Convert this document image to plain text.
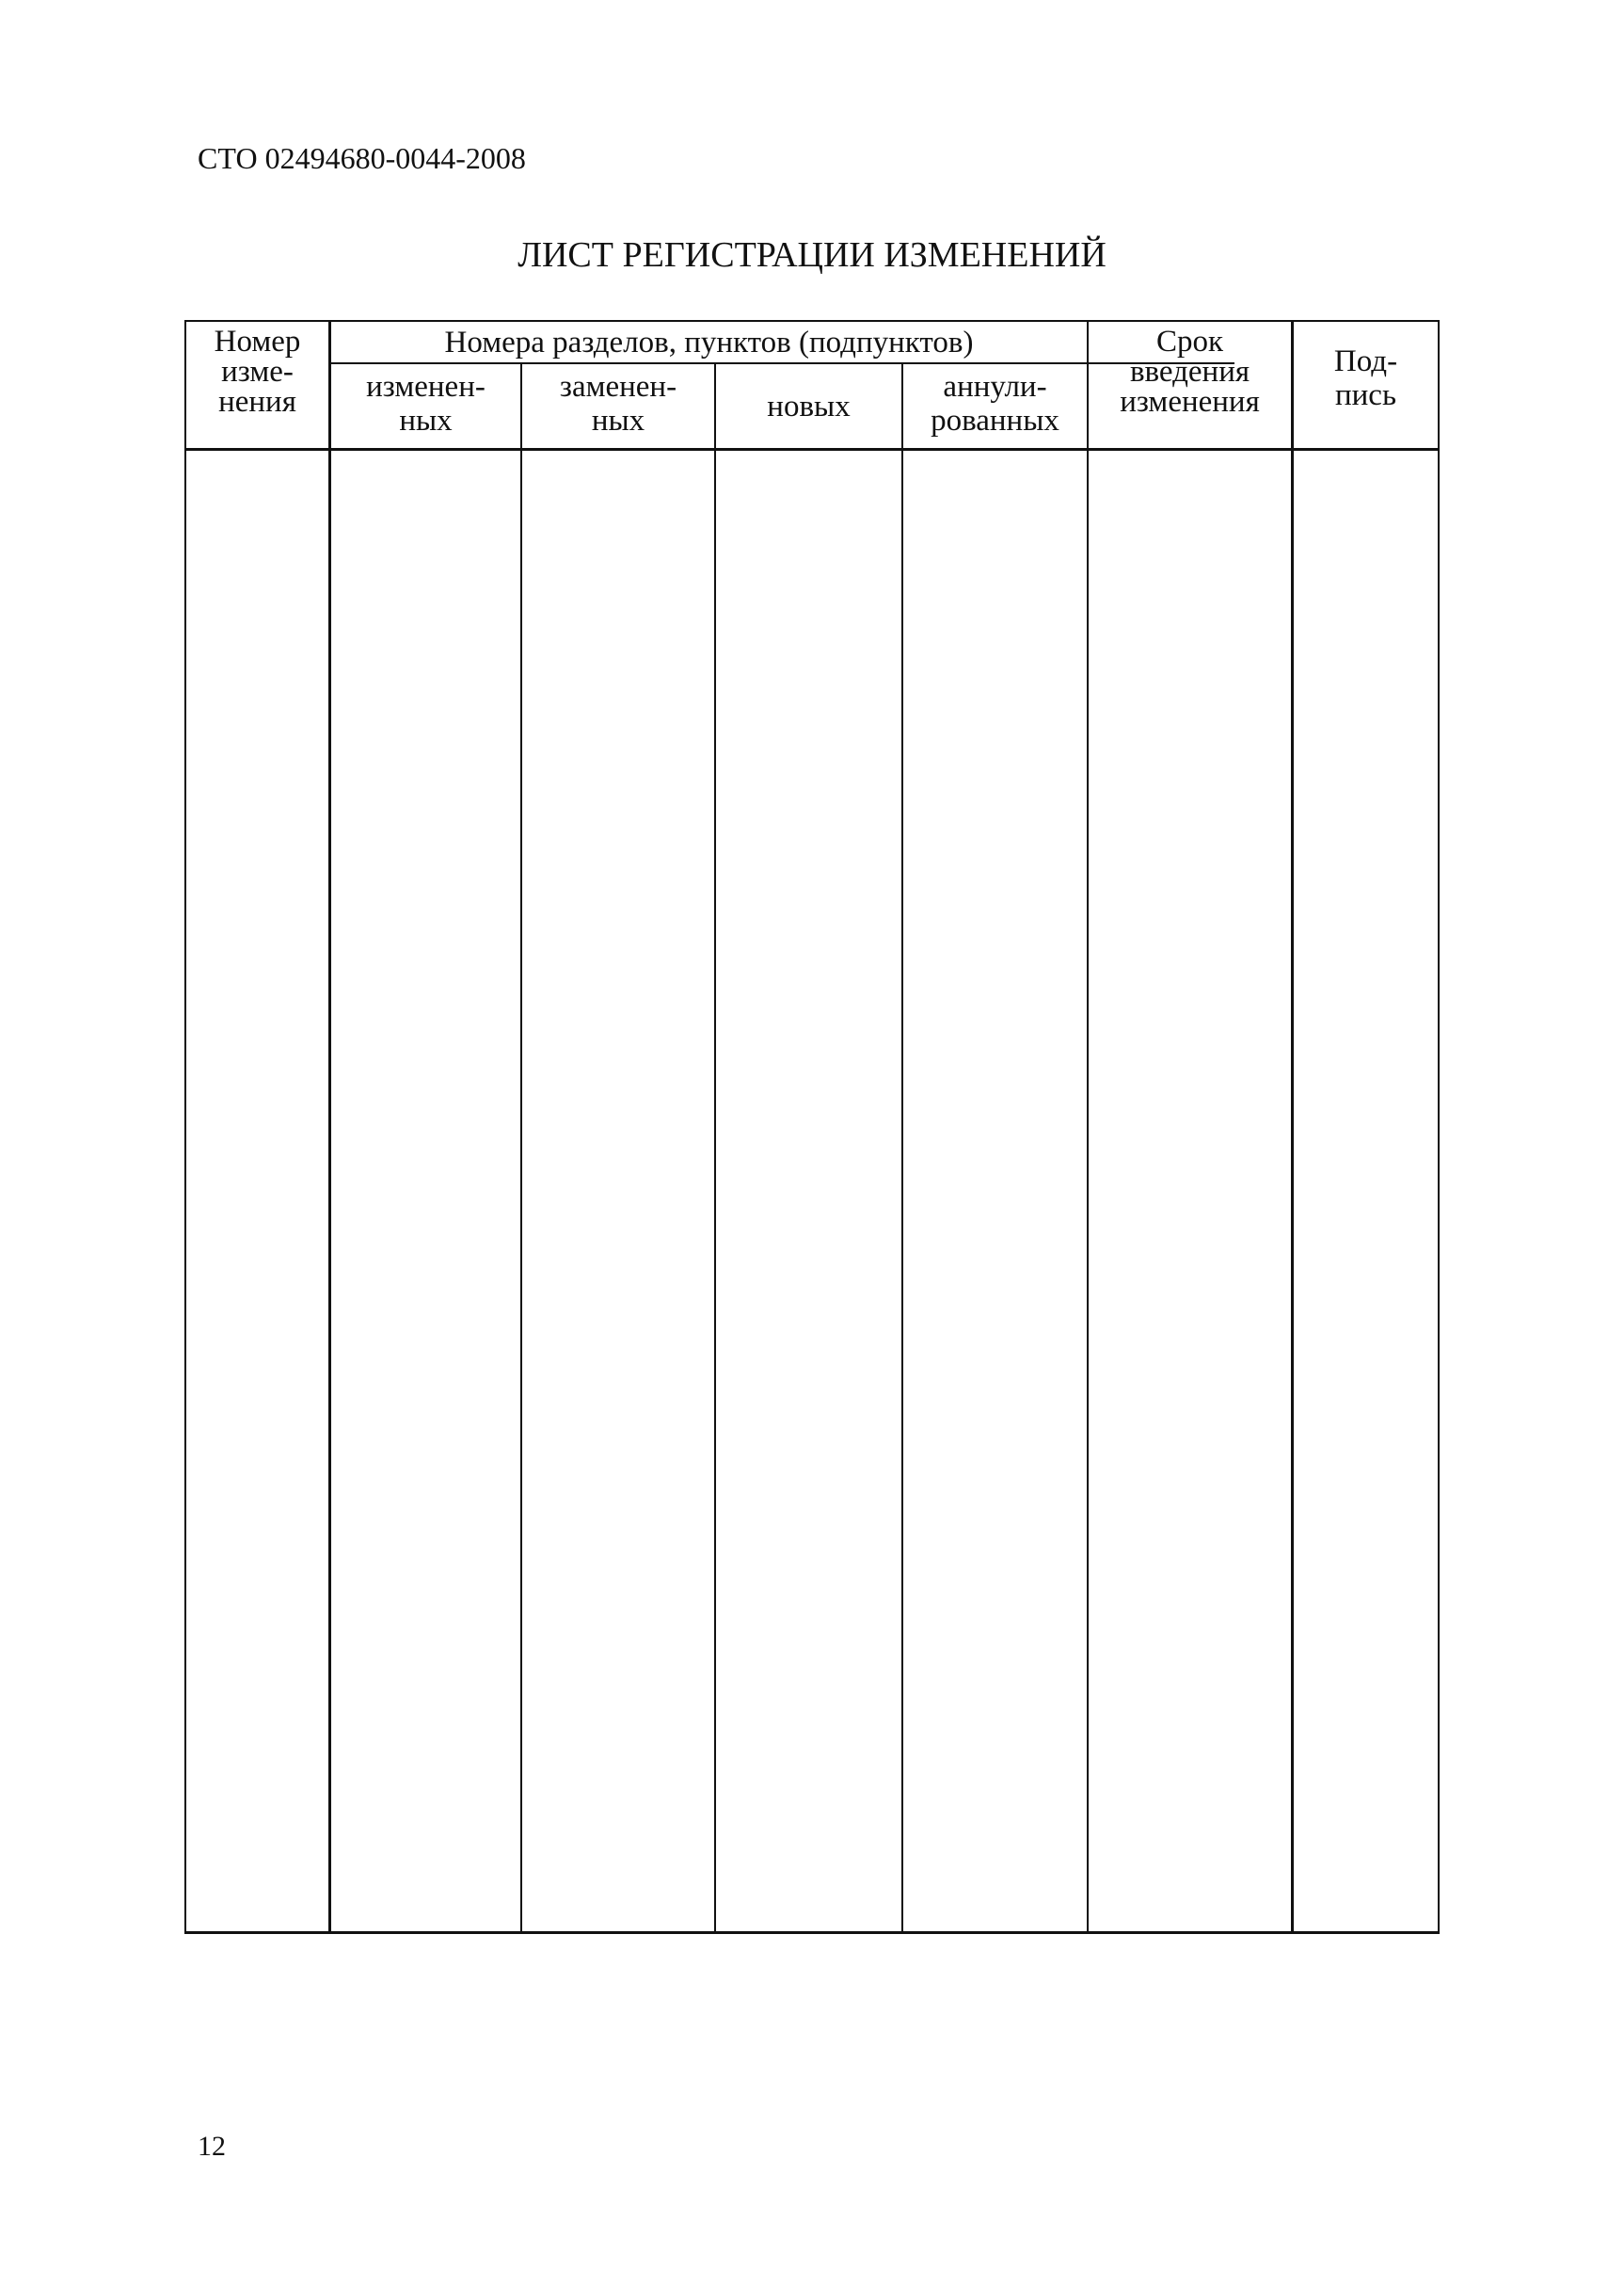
СТО 02494680-0044-2008
ЛИСТ РЕГИСТРАЦИИ ИЗМЕНЕНИЙ
Номер
изме-
нения
Номера разделов, пунктов (подпунктов)
изменен-
ных
заменен-
ных	новых
аннули-
рованных
Срок
введения
изменения
Под-
пись
12
